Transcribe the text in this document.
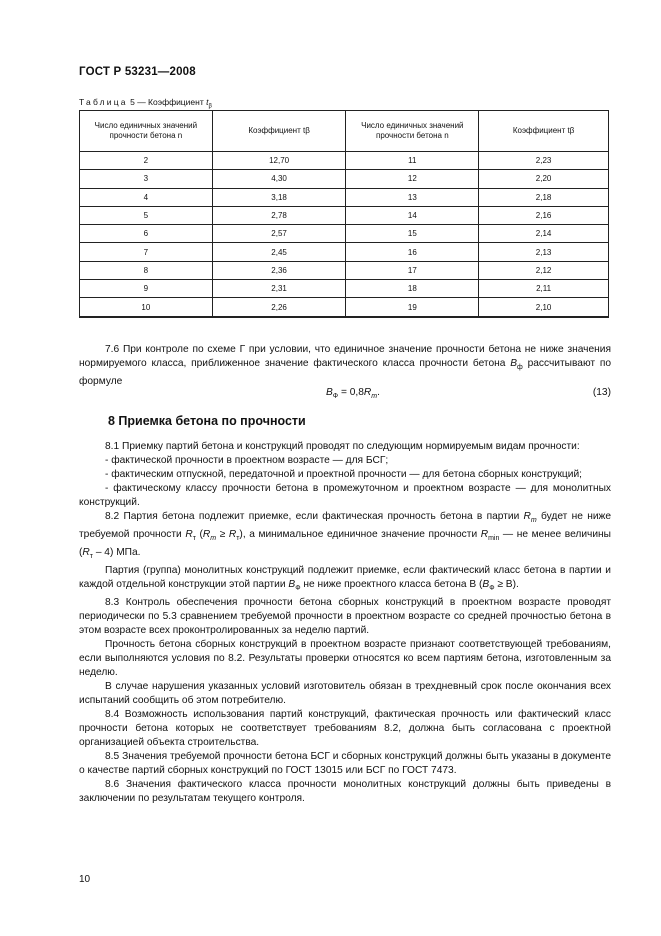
ГОСТ Р 53231—2008
Таблица 5 — Коэффициент $t_\beta$
Число единичных значений прочности бетона n	Коэффициент tβ	Число единичных значений прочности бетона n	Коэффициент tβ
2	12,70	11	2,23
3	4,30	12	2,20
4	3,18	13	2,18
5	2,78	14	2,16
6	2,57	15	2,14
7	2,45	16	2,13
8	2,36	17	2,12
9	2,31	18	2,11
10	2,26	19	2,10

7.6 При контроле по схеме Г при условии, что единичное значение прочности бетона не ниже значения нормируемого класса, приближенное значение фактического класса прочности бетона $B_ф$ рассчитывают по формуле

$B_Ф = 0,8R_m$.	(13)
8 Приемка бетона по прочности

8.1 Приемку партий бетона и конструкций проводят по следующим нормируемым видам прочности:

- фактической прочности в проектном возрасте — для БСГ;

- фактическим отпускной, передаточной и проектной прочности — для бетона сборных конструкций;

- фактическому классу прочности бетона в промежуточном и проектном возрасте — для монолитных конструкций.

8.2 Партия бетона подлежит приемке, если фактическая прочность бетона в партии $R_m$ будет не ниже требуемой прочности $R_т$ $(R_m \ge R_т)$, а минимальное единичное значение прочности $R_{min}$ — не менее величины $(R_т - 4)$ МПа.

Партия (группа) монолитных конструкций подлежит приемке, если фактический класс бетона в партии и каждой отдельной конструкции этой партии $B_Ф$ не ниже проектного класса бетона В $(B_Ф \ge В)$.

8.3 Контроль обеспечения прочности бетона сборных конструкций в проектном возрасте проводят периодически по 5.3 сравнением требуемой прочности в проектном возрасте со средней прочностью бетона в этом возрасте всех проконтролированных за неделю партий.

Прочность бетона сборных конструкций в проектном возрасте признают соответствующей требованиям, если выполняются условия по 8.2. Результаты проверки относятся ко всем партиям бетона, изготовленным за неделю.

В случае нарушения указанных условий изготовитель обязан в трехдневный срок после окончания всех испытаний сообщить об этом потребителю.

8.4 Возможность использования партий конструкций, фактическая прочность или фактический класс прочности бетона которых не соответствует требованиям 8.2, должна быть согласована с проектной организацией объекта строительства.

8.5 Значения требуемой прочности бетона БСГ и сборных конструкций должны быть указаны в документе о качестве партий сборных конструкций по ГОСТ 13015 или БСГ по ГОСТ 7473.

8.6 Значения фактического класса прочности монолитных конструкций должны быть приведены в заключении по результатам текущего контроля.

10
